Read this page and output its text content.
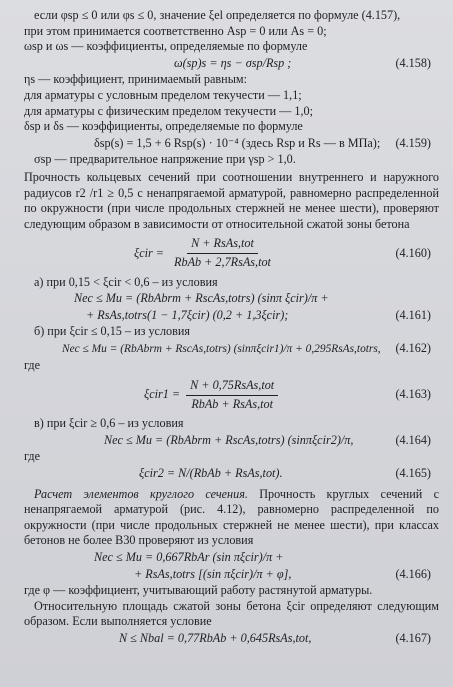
если φsp ≤ 0 или φs ≤ 0, значение ξel определяется по формуле (4.157),
при этом принимается соответственно Asp = 0 или As = 0;
ωsp и ωs — коэффициенты, определяемые по формуле
ω(sp)s = ηs − σsp/Rsp ;	(4.158)
ηs — коэффициент, принимаемый равным:
для арматуры с условным пределом текучести — 1,1;
для арматуры с физическим пределом текучести — 1,0;
δsp и δs — коэффициенты, определяемые по формуле
δsp(s) = 1,5 + 6 Rsp(s) · 10⁻⁴ (здесь Rsp и Rs — в МПа); (4.159)
σsp — предварительное напряжение при γsp > 1,0.
Прочность кольцевых сечений при соотношении внутреннего и наружного радиусов r2 /r1 ≥ 0,5 с ненапрягаемой арматурой, равномерно распределенной по окружности (при числе продольных стержней не менее шести), проверяют следующим образом в зависимости от относительной сжатой зоны бетона
ξcir =
N + RsAs,tot
RbAb + 2,7RsAs,tot
(4.160)
а) при 0,15 < ξcir < 0,6 – из условия
Nec ≤ Mu = (RbAbrm + RscAs,totrs) (sinπ ξcir)/π +
+ RsAs,totrs(1 − 1,7ξcir) (0,2 + 1,3ξcir);	(4.161)
б) при ξcir ≤ 0,15 – из условия
Nec ≤ Mu = (RbAbrm + RscAs,totrs) (sinπξcir1)/π + 0,295RsAs,totrs, (4.162)
где
ξcir1 =
N + 0,75RsAs,tot
RbAb + RsAs,tot
(4.163)
в) при ξcir ≥ 0,6 – из условия
Nec ≤ Mu = (RbAbrm + RscAs,totrs) (sinπξcir2)/π,	(4.164)
где
ξcir2 = N/(RbAb + RsAs,tot).	(4.165)
Расчет элементов круглого сечения. Прочность круглых сечений с ненапрягаемой арматурой (рис. 4.12), равномерно распределенной по окружности (при числе продольных стержней не менее шести), при классах бетонов не более В30 проверяют из условия
Nec ≤ Mu = 0,667RbAr (sin πξcir)/π +
+ RsAs,totrs [(sin πξcir)/π + φ],	(4.166)
где φ — коэффициент, учитывающий работу растянутой арматуры.
Относительную площадь сжатой зоны бетона ξcir определяют следующим образом. Если выполняется условие
N ≤ Nbal = 0,77RbAb + 0,645RsAs,tot,	(4.167)
